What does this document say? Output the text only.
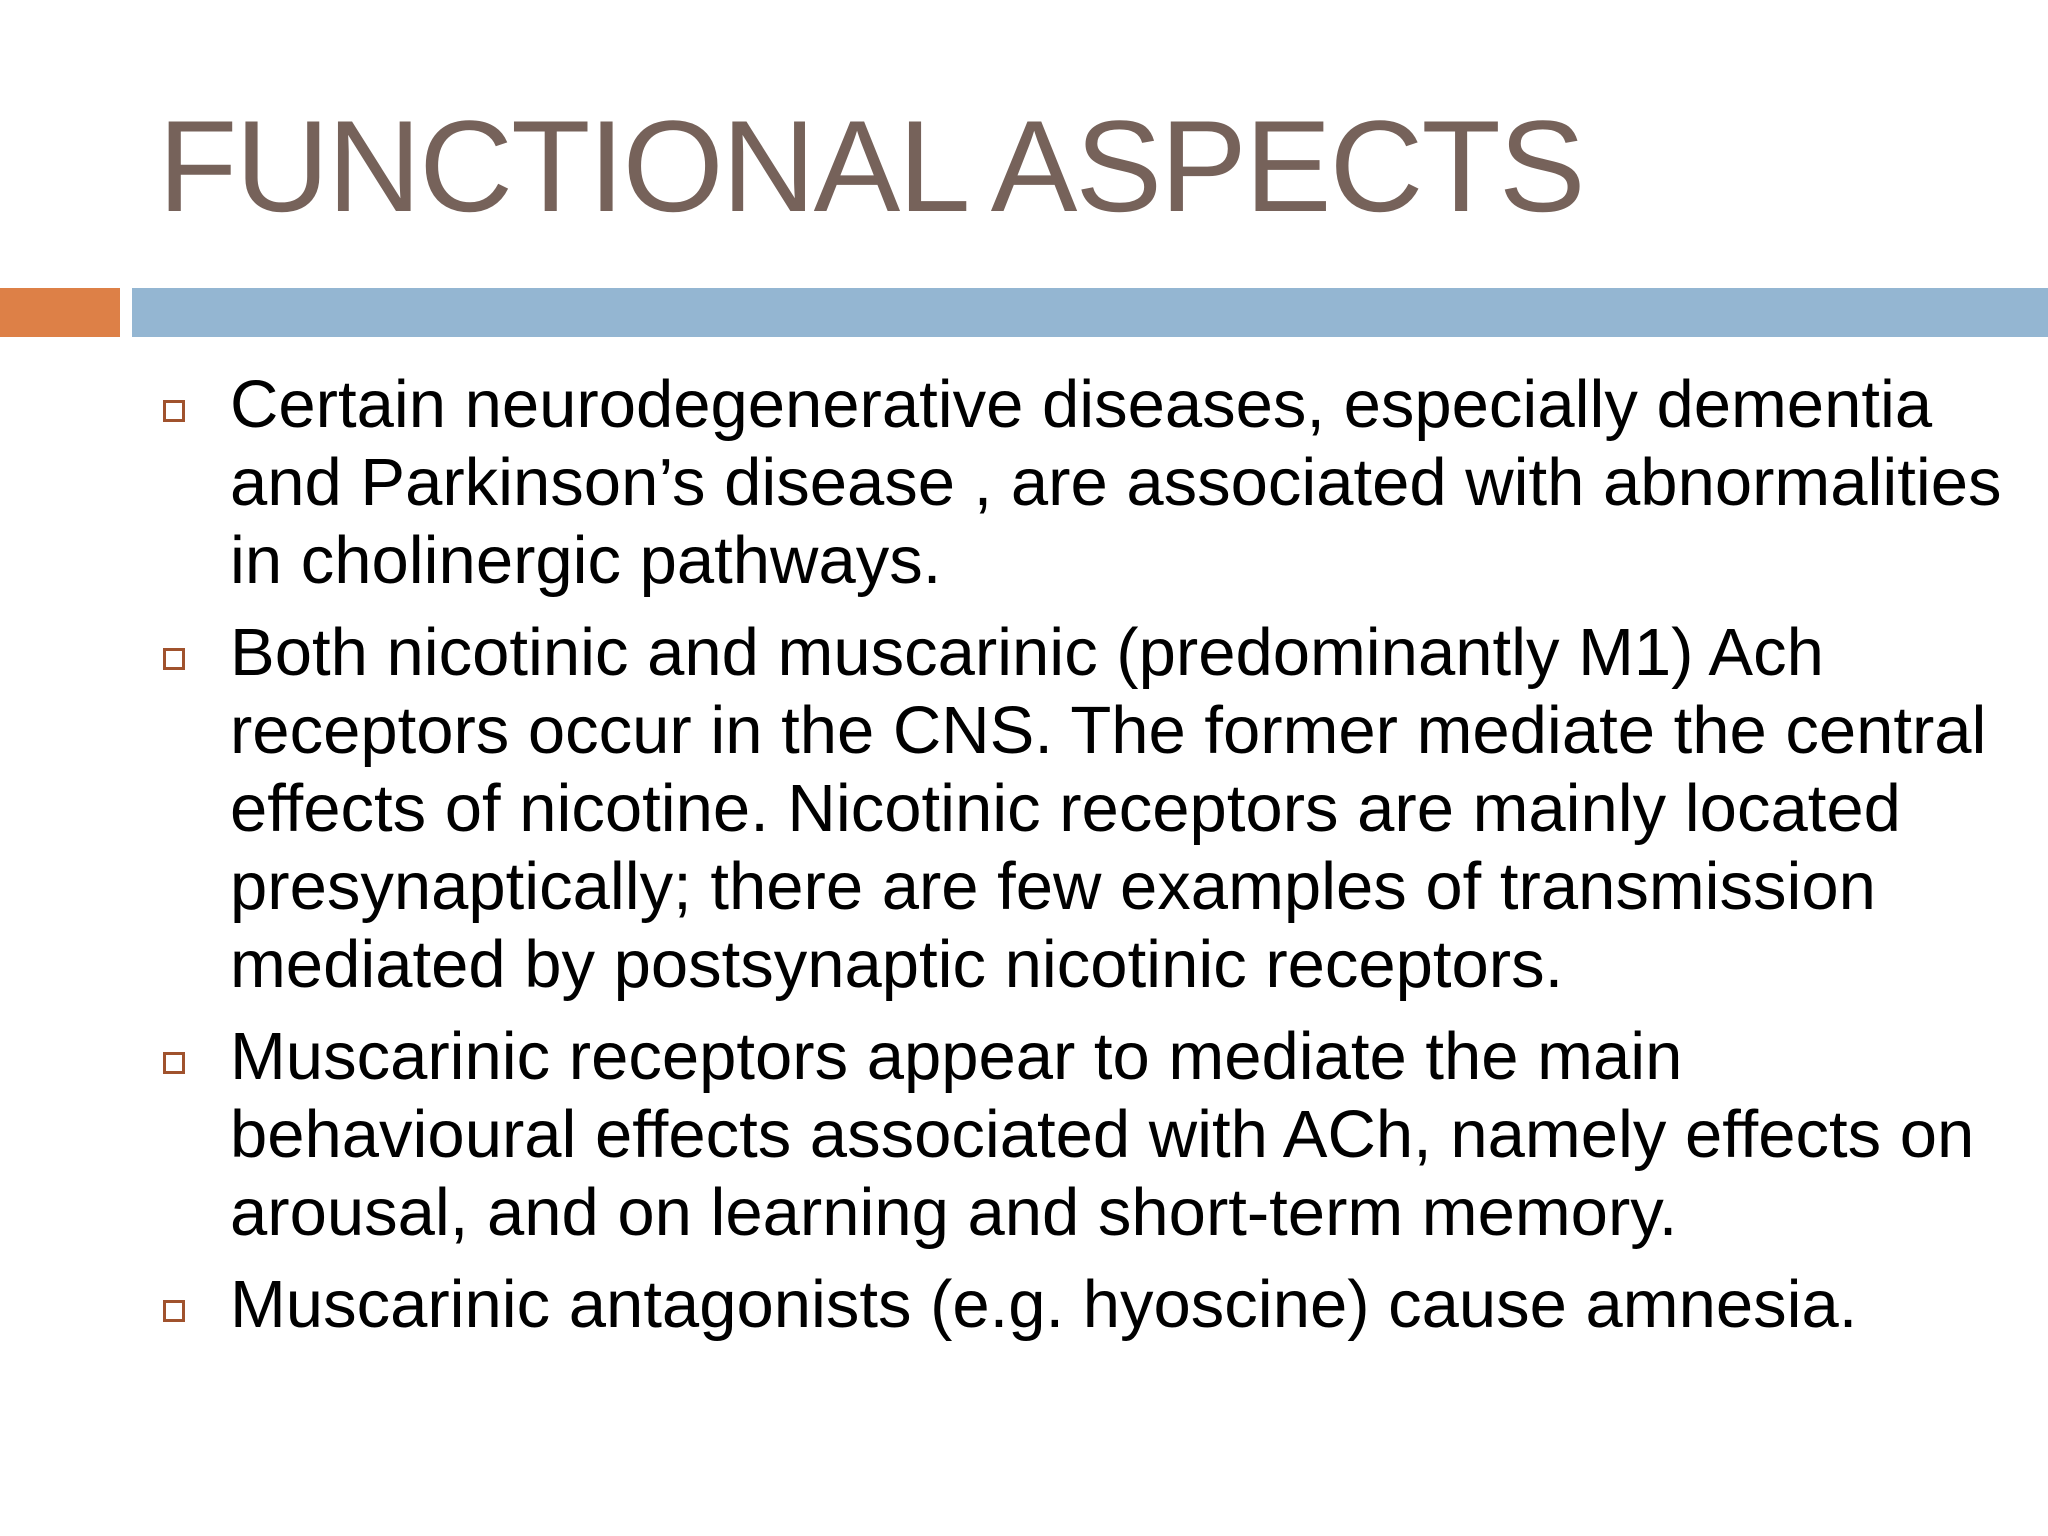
FUNCTIONAL ASPECTS
Certain neurodegenerative diseases, especially dementia and Parkinson’s disease , are associated with abnormalities in cholinergic pathways.
Both nicotinic and muscarinic (predominantly M1) Ach receptors occur in the CNS. The former mediate the central effects of nicotine. Nicotinic receptors are mainly located presynaptically; there are few examples of transmission mediated by postsynaptic nicotinic receptors.
Muscarinic receptors appear to mediate the main behavioural effects associated with ACh, namely effects on arousal, and on learning and short-term memory.
Muscarinic antagonists (e.g. hyoscine) cause amnesia.
